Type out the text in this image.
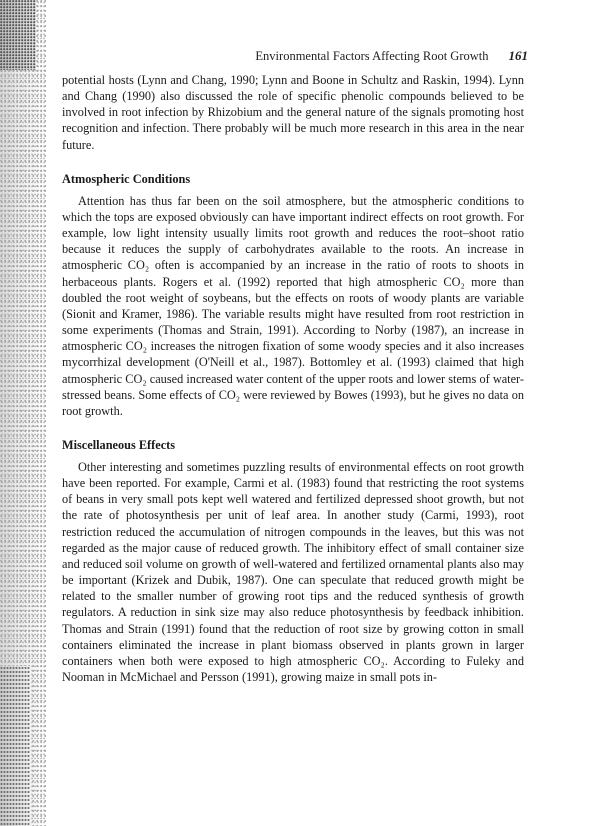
Environmental Factors Affecting Root Growth 161

potential hosts (Lynn and Chang, 1990; Lynn and Boone in Schultz and Raskin, 1994). Lynn and Chang (1990) also discussed the role of specific phenolic compounds believed to be involved in root infection by Rhizobium and the general nature of the signals promoting host recognition and infection. There probably will be much more research in this area in the near future.

Atmospheric Conditions

Attention has thus far been on the soil atmosphere, but the atmospheric conditions to which the tops are exposed obviously can have important indirect effects on root growth. For example, low light intensity usually limits root growth and reduces the root–shoot ratio because it reduces the supply of carbohydrates available to the roots. An increase in atmospheric CO₂ often is accompanied by an increase in the ratio of roots to shoots in herbaceous plants. Rogers et al. (1992) reported that high atmospheric CO₂ more than doubled the root weight of soybeans, but the effects on roots of woody plants are variable (Sionit and Kramer, 1986). The variable results might have resulted from root restriction in some experiments (Thomas and Strain, 1991). According to Norby (1987), an increase in atmospheric CO₂ increases the nitrogen fixation of some woody species and it also increases mycorrhizal development (O'Neill et al., 1987). Bottomley et al. (1993) claimed that high atmospheric CO₂ caused increased water content of the upper roots and lower stems of water-stressed beans. Some effects of CO₂ were reviewed by Bowes (1993), but he gives no data on root growth.

Miscellaneous Effects

Other interesting and sometimes puzzling results of environmental effects on root growth have been reported. For example, Carmi et al. (1983) found that restricting the root systems of beans in very small pots kept well watered and fertilized depressed shoot growth, but not the rate of photosynthesis per unit of leaf area. In another study (Carmi, 1993), root restriction reduced the accumulation of nitrogen compounds in the leaves, but this was not regarded as the major cause of reduced growth. The inhibitory effect of small container size and reduced soil volume on growth of well-watered and fertilized ornamental plants also may be important (Krizek and Dubik, 1987). One can speculate that reduced growth might be related to the smaller number of growing root tips and the reduced synthesis of growth regulators. A reduction in sink size may also reduce photosynthesis by feedback inhibition. Thomas and Strain (1991) found that the reduction of root size by growing cotton in small containers eliminated the increase in plant biomass observed in plants grown in larger containers when both were exposed to high atmospheric CO₂. According to Fuleky and Nooman in McMichael and Persson (1991), growing maize in small pots in-
